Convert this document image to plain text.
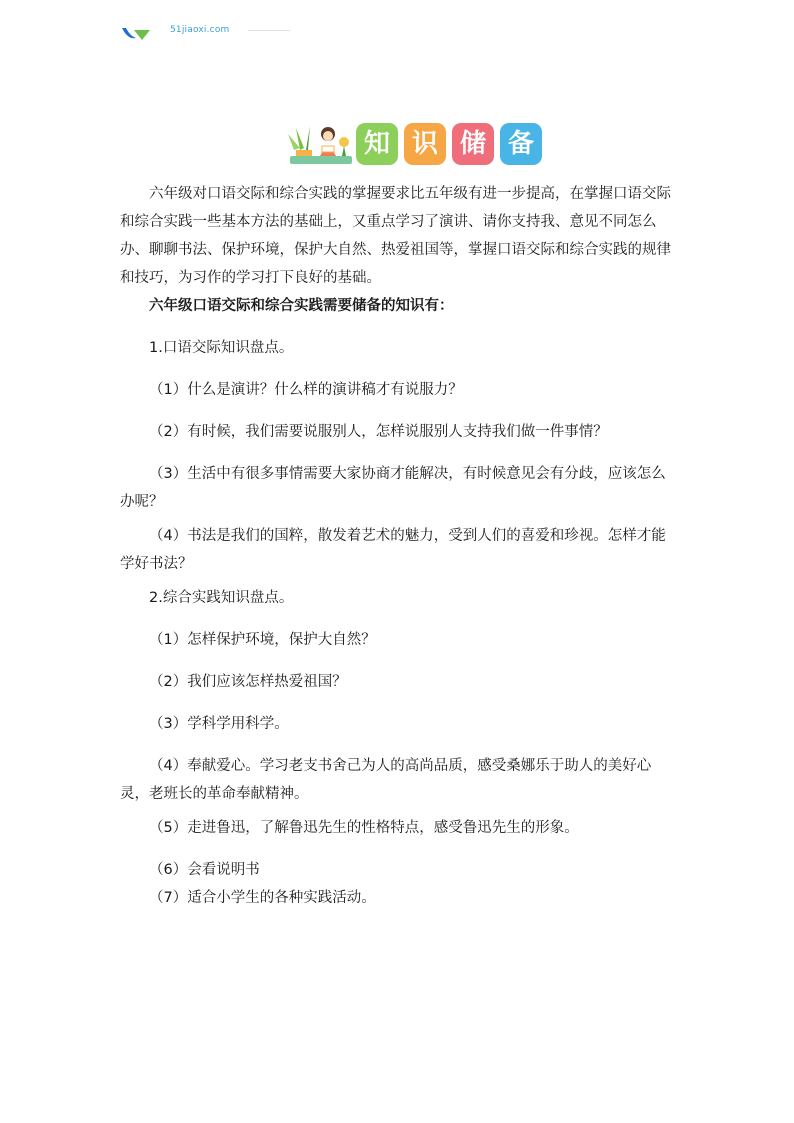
51jiaoxi.com
知 识 储 备

六年级对口语交际和综合实践的掌握要求比五年级有进一步提高，在掌握口语交际和综合实践一些基本方法的基础上，又重点学习了演讲、请你支持我、意见不同怎么办、聊聊书法、保护环境，保护大自然、热爱祖国等，掌握口语交际和综合实践的规律和技巧，为习作的学习打下良好的基础。

六年级口语交际和综合实践需要储备的知识有：

1.口语交际知识盘点。

（1）什么是演讲？什么样的演讲稿才有说服力？

（2）有时候，我们需要说服别人，怎样说服别人支持我们做一件事情？

（3）生活中有很多事情需要大家协商才能解决，有时候意见会有分歧，应该怎么办呢？

（4）书法是我们的国粹，散发着艺术的魅力，受到人们的喜爱和珍视。怎样才能学好书法？

2.综合实践知识盘点。

（1）怎样保护环境，保护大自然？

（2）我们应该怎样热爱祖国？

（3）学科学用科学。

（4）奉献爱心。学习老支书舍己为人的高尚品质，感受桑娜乐于助人的美好心灵，老班长的革命奉献精神。

（5）走进鲁迅，了解鲁迅先生的性格特点，感受鲁迅先生的形象。

（6）会看说明书

（7）适合小学生的各种实践活动。
